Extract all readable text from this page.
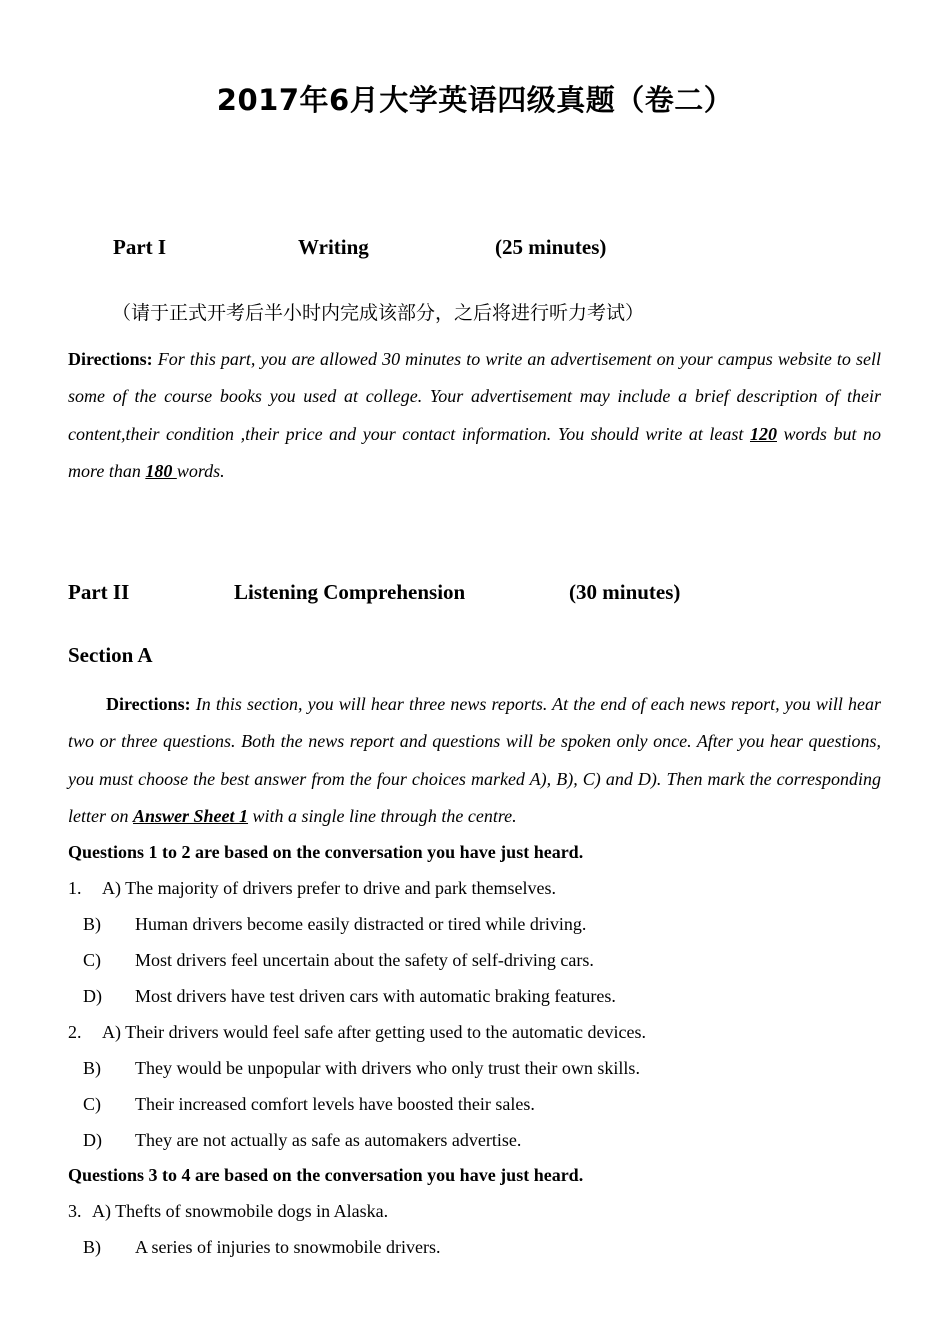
2017年6月大学英语四级真题（卷二）
Part I	Writing	(25 minutes)
（请于正式开考后半小时内完成该部分，之后将进行听力考试）
Directions: For this part, you are allowed 30 minutes to write an advertisement on your campus website to sell some of the course books you used at college. Your advertisement may include a brief description of their content,their condition ,their price and your contact information. You should write at least 120 words but no more than 180 words.
Part II	Listening Comprehension	(30 minutes)
Section A
Directions: In this section, you will hear three news reports. At the end of each news report, you will hear two or three questions. Both the news report and questions will be spoken only once. After you hear questions, you must choose the best answer from the four choices marked A), B), C) and D). Then mark the corresponding letter on Answer Sheet 1 with a single line through the centre.
Questions 1 to 2 are based on the conversation you have just heard.
1. A) The majority of drivers prefer to drive and park themselves.
B) Human drivers become easily distracted or tired while driving.
C) Most drivers feel uncertain about the safety of self-driving cars.
D) Most drivers have test driven cars with automatic braking features.
2. A) Their drivers would feel safe after getting used to the automatic devices.
B) They would be unpopular with drivers who only trust their own skills.
C) Their increased comfort levels have boosted their sales.
D) They are not actually as safe as automakers advertise.
Questions 3 to 4 are based on the conversation you have just heard.
3. A) Thefts of snowmobile dogs in Alaska.
B) A series of injuries to snowmobile drivers.
